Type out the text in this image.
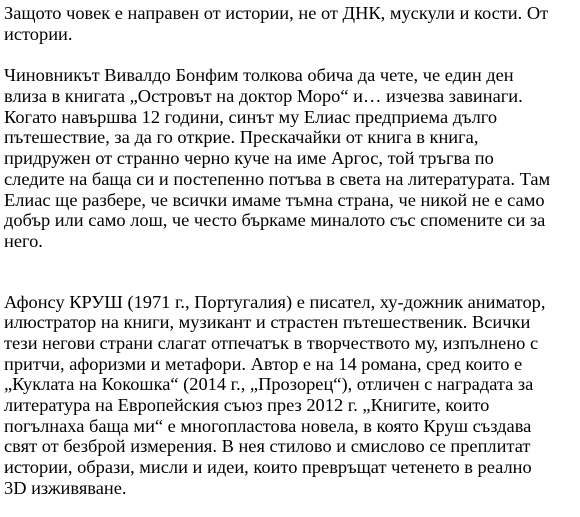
Защото човек е направен от истории, не от ДНК, мускули и кости. От
истории.
Чиновникът Вивалдо Бонфим толкова обича да чете, че един ден
влиза в книгата „Островът на доктор Моро“ и… изчезва завинаги.
Когато навършва 12 години, синът му Елиас предприема дълго
пътешествие, за да го открие. Прескачайки от книга в книга,
придружен от странно черно куче на име Аргос, той тръгва по
следите на баща си и постепенно потъва в света на литературата. Там
Елиас ще разбере, че всички имаме тъмна страна, че никой не е само
добър или само лош, че често бъркаме миналото със спомените си за
него.
Афонсу КРУШ (1971 г., Португалия) е писател, ху-дожник аниматор,
илюстратор на книги, музикант и страстен пътешественик. Всички
тези негови страни слагат отпечатък в творчеството му, изпълнено с
притчи, афоризми и метафори. Автор е на 14 романа, сред които е
„Куклата на Кокошка“ (2014 г., „Прозорец“), отличен с наградата за
литература на Европейския съюз през 2012 г. „Книгите, които
погълнаха баща ми“ е многопластова новела, в която Круш създава
свят от безброй измерения. В нея стилово и смислово се преплитат
истории, образи, мисли и идеи, които превръщат четенето в реално
3D изживяване.
